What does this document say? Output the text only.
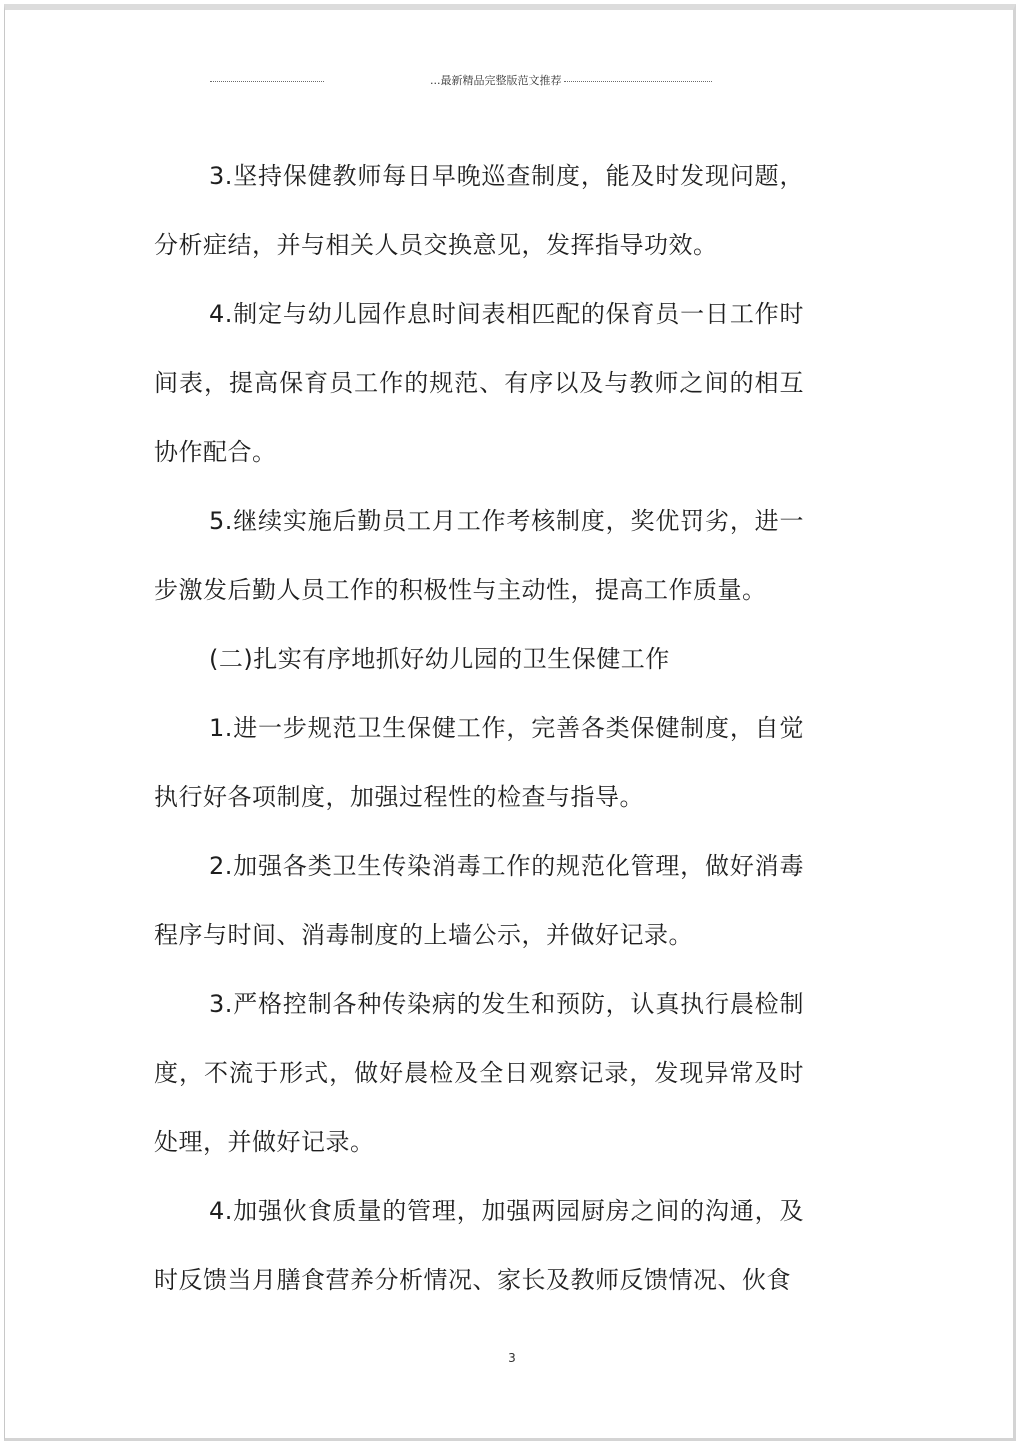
...最新精品完整版范文推荐

3.坚持保健教师每日早晚巡查制度，能及时发现问题，分析症结，并与相关人员交换意见，发挥指导功效。

4.制定与幼儿园作息时间表相匹配的保育员一日工作时间表，提高保育员工作的规范、有序以及与教师之间的相互协作配合。

5.继续实施后勤员工月工作考核制度，奖优罚劣，进一步激发后勤人员工作的积极性与主动性，提高工作质量。

(二)扎实有序地抓好幼儿园的卫生保健工作

1.进一步规范卫生保健工作，完善各类保健制度，自觉执行好各项制度，加强过程性的检查与指导。

2.加强各类卫生传染消毒工作的规范化管理，做好消毒程序与时间、消毒制度的上墙公示，并做好记录。

3.严格控制各种传染病的发生和预防，认真执行晨检制度，不流于形式，做好晨检及全日观察记录，发现异常及时处理，并做好记录。

4.加强伙食质量的管理，加强两园厨房之间的沟通，及时反馈当月膳食营养分析情况、家长及教师反馈情况、伙食

3
